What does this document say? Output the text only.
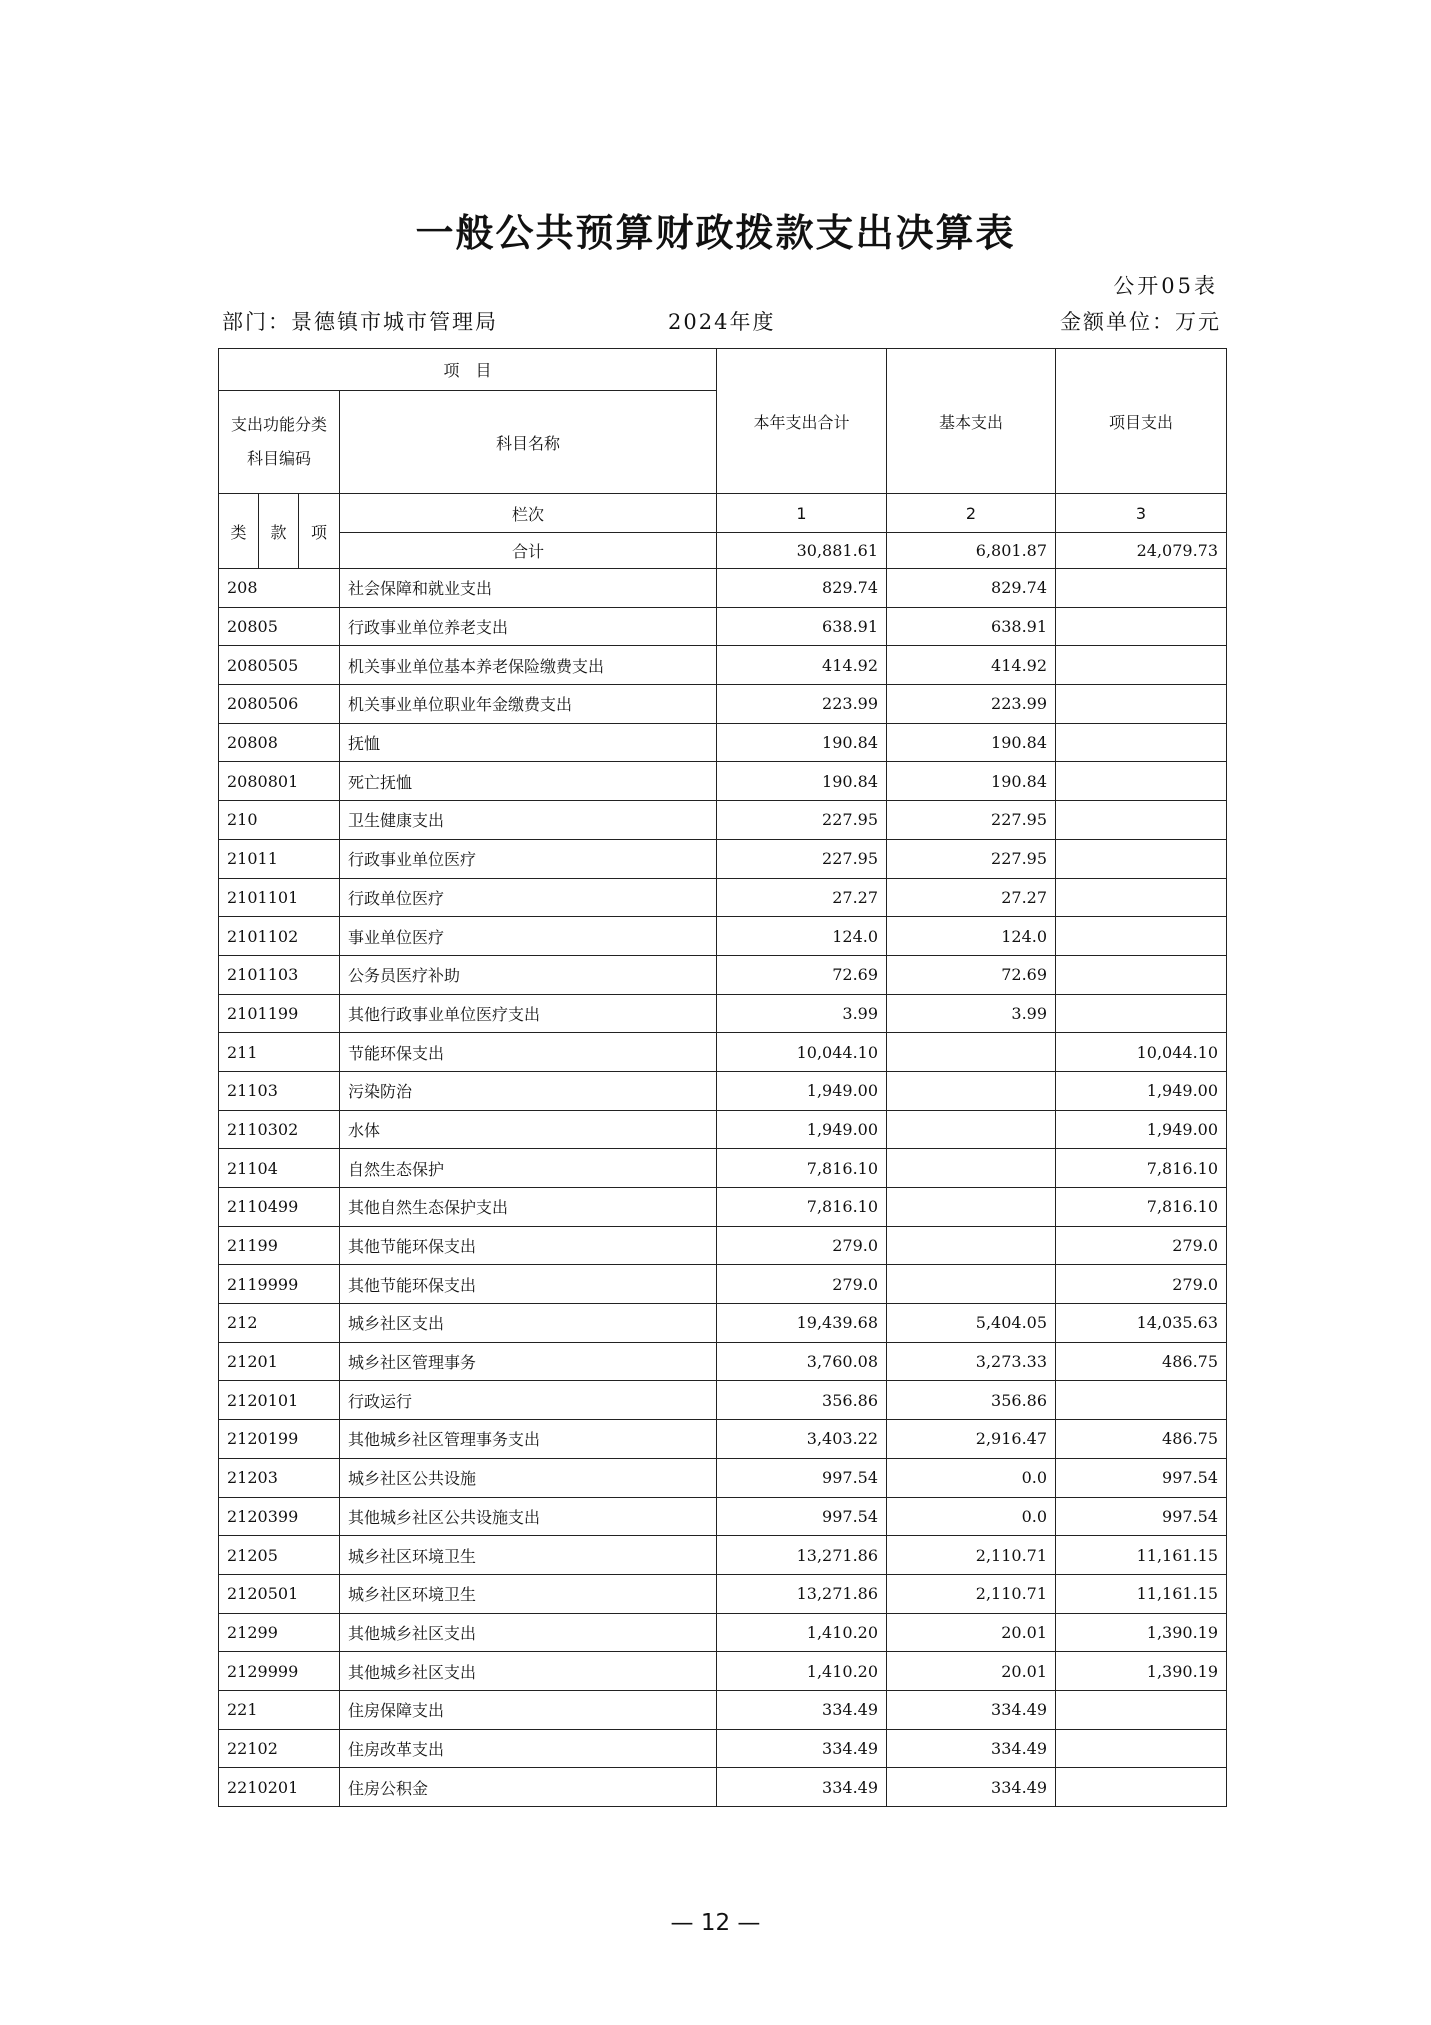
一般公共预算财政拨款支出决算表
公开05表
部门：景德镇市城市管理局	2024年度	金额单位：万元
项　目				本年支出合计	基本支出	项目支出

支出功能分类
科目编码			科目名称			
类	款	项	栏次	1	2	3
			合计	30,881.61	6,801.87	24,079.73
208			社会保障和就业支出	829.74	829.74	
20805			行政事业单位养老支出	638.91	638.91	
2080505			机关事业单位基本养老保险缴费支出	414.92	414.92	
2080506			机关事业单位职业年金缴费支出	223.99	223.99	
20808			抚恤	190.84	190.84	
2080801			死亡抚恤	190.84	190.84	
210			卫生健康支出	227.95	227.95	
21011			行政事业单位医疗	227.95	227.95	
2101101			行政单位医疗	27.27	27.27	
2101102			事业单位医疗	124.0	124.0	
2101103			公务员医疗补助	72.69	72.69	
2101199			其他行政事业单位医疗支出	3.99	3.99	
211			节能环保支出	10,044.10		10,044.10
21103			污染防治	1,949.00		1,949.00
2110302			水体	1,949.00		1,949.00
21104			自然生态保护	7,816.10		7,816.10
2110499			其他自然生态保护支出	7,816.10		7,816.10
21199			其他节能环保支出	279.0		279.0
2119999			其他节能环保支出	279.0		279.0
212			城乡社区支出	19,439.68	5,404.05	14,035.63
21201			城乡社区管理事务	3,760.08	3,273.33	486.75
2120101			行政运行	356.86	356.86	
2120199			其他城乡社区管理事务支出	3,403.22	2,916.47	486.75
21203			城乡社区公共设施	997.54	0.0	997.54
2120399			其他城乡社区公共设施支出	997.54	0.0	997.54
21205			城乡社区环境卫生	13,271.86	2,110.71	11,161.15
2120501			城乡社区环境卫生	13,271.86	2,110.71	11,161.15
21299			其他城乡社区支出	1,410.20	20.01	1,390.19
2129999			其他城乡社区支出	1,410.20	20.01	1,390.19
221			住房保障支出	334.49	334.49	
22102			住房改革支出	334.49	334.49	
2210201			住房公积金	334.49	334.49	
— 12 —
